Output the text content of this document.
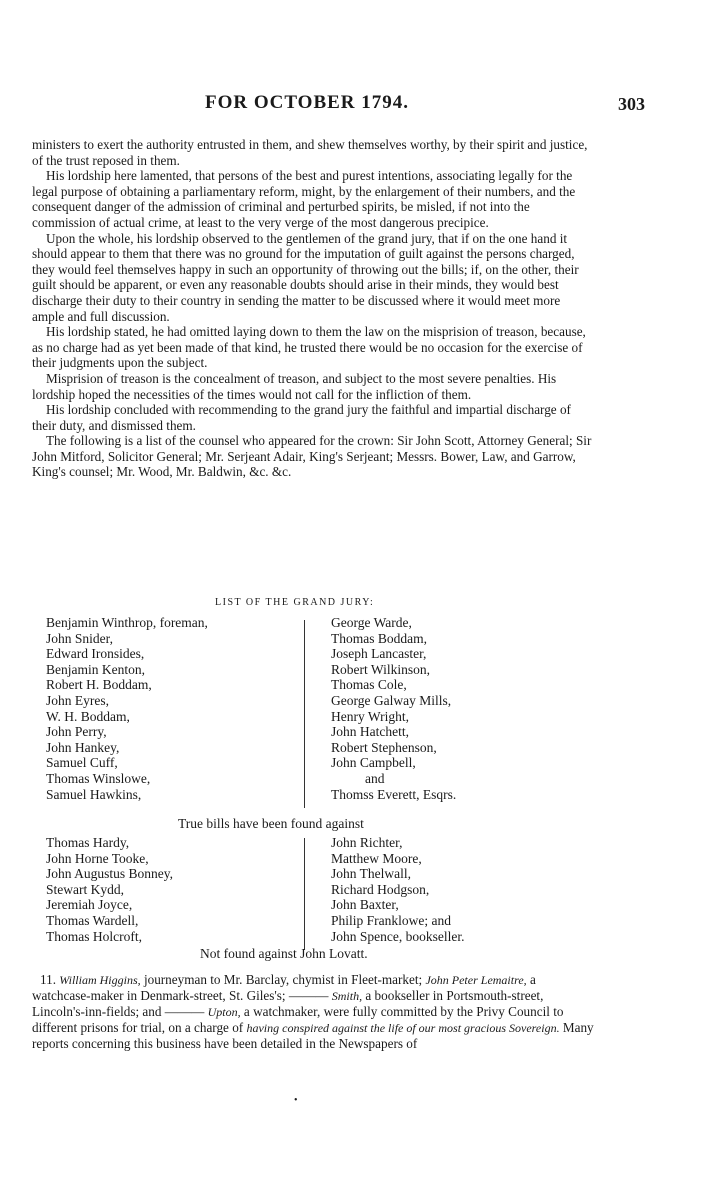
FOR OCTOBER 1794.	303

ministers to exert the authority entrusted in them, and shew themselves worthy, by their spirit and justice, of the trust reposed in them.

His lordship here lamented, that persons of the best and purest intentions, associating legally for the legal purpose of obtaining a parliamentary reform, might, by the enlargement of their numbers, and the consequent danger of the admission of criminal and perturbed spirits, be misled, if not into the commission of actual crime, at least to the very verge of the most dangerous precipice.

Upon the whole, his lordship observed to the gentlemen of the grand jury, that if on the one hand it should appear to them that there was no ground for the imputation of guilt against the persons charged, they would feel themselves happy in such an opportunity of throwing out the bills; if, on the other, their guilt should be apparent, or even any reasonable doubts should arise in their minds, they would best discharge their duty to their country in sending the matter to be discussed where it would meet more ample and full discussion.

His lordship stated, he had omitted laying down to them the law on the misprision of treason, because, as no charge had as yet been made of that kind, he trusted there would be no occasion for the exercise of their judgments upon the subject.

Misprision of treason is the concealment of treason, and subject to the most severe penalties. His lordship hoped the necessities of the times would not call for the infliction of them.

His lordship concluded with recommending to the grand jury the faithful and impartial discharge of their duty, and dismissed them.

The following is a list of the counsel who appeared for the crown: Sir John Scott, Attorney General; Sir John Mitford, Solicitor General; Mr. Serjeant Adair, King's Serjeant; Messrs. Bower, Law, and Garrow, King's counsel; Mr. Wood, Mr. Baldwin, &c. &c.

LIST OF THE GRAND JURY:
Benjamin Winthrop, foreman,
John Snider,
Edward Ironsides,
Benjamin Kenton,
Robert H. Boddam,
John Eyres,
W. H. Boddam,
John Perry,
John Hankey,
Samuel Cuff,
Thomas Winslowe,
Samuel Hawkins,
George Warde,
Thomas Boddam,
Joseph Lancaster,
Robert Wilkinson,
Thomas Cole,
George Galway Mills,
Henry Wright,
John Hatchett,
Robert Stephenson,
John Campbell,
and
Thomss Everett, Esqrs.
True bills have been found against
Thomas Hardy,
John Horne Tooke,
John Augustus Bonney,
Stewart Kydd,
Jeremiah Joyce,
Thomas Wardell,
Thomas Holcroft,
John Richter,
Matthew Moore,
John Thelwall,
Richard Hodgson,
John Baxter,
Philip Franklowe; and
John Spence, bookseller.
Not found against John Lovatt.

11. William Higgins, journeyman to Mr. Barclay, chymist in Fleet-market; John Peter Lemaitre, a watchcase-maker in Denmark-street, St. Giles's; ——— Smith, a bookseller in Portsmouth-street, Lincoln's-inn-fields; and ——— Upton, a watchmaker, were fully committed by the Privy Council to different prisons for trial, on a charge of having conspired against the life of our most gracious Sovereign. Many reports concerning this business have been detailed in the Newspapers of

•
